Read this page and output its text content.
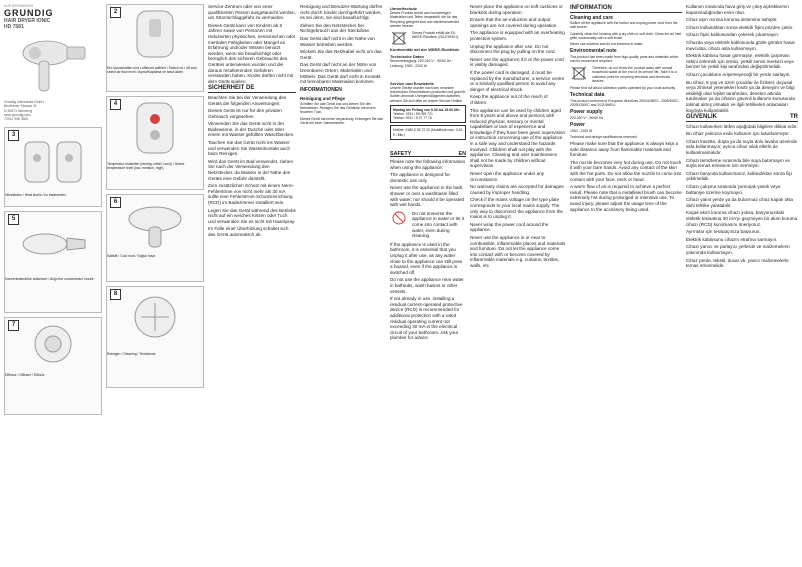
AUS ERFAHRUNG
GRUNDIG
HAIR DRYER IONIC
HD 7581
Grundig Intermedia GmbH
Beuthener Strasse 41
D-90471 Nürnberg
www.grundig.com
72011 908 3500
3
Hitzestufen / Heat levels / Isı kademeleri
5
Konzentratordüse aufsetzen / Align the concentrator nozzle
7
Diffusor / Diffuser / Difüzör
2
Ein-/Ausschalten und Luftstrom wählen / Switch on / off and select air flow level / Açma/Kapatma ve hava akımı
4
Temperatur einstellen (niedrig, mittel, hoch) / Select temperature level (low, medium, high)
6
Kaltluft / Cool shot / Soğuk hava
8
Reinigen / Cleaning / Temizleme

Service-Zentrum oder von einer qualifizierten Person ausgetauscht werden, um Stromschlaggefahr zu vermeiden.

Dieses Gerät kann von Kindern ab 8 Jahren sowie von Personen mit reduzierten physischen, sensorischen oder mentalen Fähigkeiten oder Mangel an Erfahrung und/oder Wissen benutzt werden, wenn sie beaufsichtigt oder bezüglich des sicheren Gebrauchs des Gerätes unterwiesen wurden und die daraus resultierenden Gefahren verstanden haben. Kinder dürfen nicht mit dem Gerät spielen.

SICHERHEIT DE

Beachten Sie bei der Verwendung des Geräts die folgenden Anweisungen:

Dieses Gerät ist nur für den privaten Gebrauch vorgesehen.

Verwenden Sie das Gerät nicht in der Badewanne, in der Dusche oder über einem mit Wasser gefüllten Waschbecken.

Tauchen Sie das Gerät nicht ins Wasser und verwenden Sie Wasserkontakt auch beim Reinigen.

Wird das Gerät im Bad verwendet, ziehen Sie nach der Verwendung den Netzstecker, da Wasser in der Nähe des Geräts eine Gefahr darstellt.

Zum zusätzlichen Schutz mit einem Nenn-Fehlerstrom von nicht mehr als 30 mA sollte eine Fehlerstrom-Schutzeinrichtung (RCD) im Badezimmer installiert sein.

Legen Sie das Gerät während des Betriebs nicht auf ein weiches Kissen oder Tuch und verwenden Sie es nicht mit Haarspray.

Im Falle einer Überhitzung schaltet sich das Gerät automatisch ab.

Reinigung und Benutzer-Wartung dürfen nicht durch Kinder durchgeführt werden, es sei denn, sie sind beaufsichtigt.

Ziehen Sie den Netzstecker bei Nichtgebrauch aus der Steckdose.

Das Gerät darf nicht in der Nähe von Wasser betrieben werden.

Wickeln Sie das Netzkabel nicht um das Gerät.

Das Gerät darf nicht an der Nähe von brennbaren Ortern, Materialien und Möbeln. Das Gerät darf nicht in Kontakt mit brennbaren Materialien kommen.

INFORMATIONEN
Reinigung und Pflege

Schalten Sie das Gerät aus und ziehen Sie den Netzstecker. Reinigen Sie das Gehäuse mit einem feuchten Tuch.

Dieses Gerät hat keine Verpackung. Entsorgen Sie das Gerät bei einer Sammelstelle.

Umweltschutz

Dieses Produkt wurde aus hochwertigen Materialien und Teilen hergestellt, die für das Recycling geeignet sind und wiederverwendet werden können.

Dieses Produkt erfüllt die EU WEEE-Richtlinie (2012/19/EU).
Konformität mit der WEEE-Richtlinie
Technische Daten

Stromversorgung: 220-240 V~, 50/60 Hz · Leistung: 1900 - 2200 W

Service und Ersatzteile

Unsere Geräte wurden nach den neuesten technischen Erkenntnissen produziert und geprüft. Sollten dennoch Unregelmäßigkeiten auftreten, wenden Sie sich bitte an unsere Service-Hotline.

Montag bis Freitag von 8.00 bis 18.00 Uhr
Telefon: 0911 / 59 059 721
Telefax: 0911 / 5 37 77 76
Hotline: 0180 5 35 72 20 (Mobilfunk max. 0,42 € / Min.)
SAFETY	EN

Please note the following information when using the appliance:

The appliance is designed for domestic use only.

Never use the appliance in the bath, shower or over a washbasin filled with water; nor should it be operated with wet hands.

Do not immerse the appliance in water or let it come into contact with water, even during cleaning.

If the appliance is used in the bathroom, it is essential that you unplug it after use, as any water close to the appliance can still pose a hazard, even if the appliance is switched off.

Do not use the appliance near water in bathtubs, wash basins or other vessels.

If not already in use, installing a residual current-operated protective device (RCD) is recommended for additional protection with a rated residual operating current not exceeding 30 mA in the electrical circuit of your bathroom. Ask your plumber for advice.

Never place the appliance on soft cushions or blankets during operation.

Ensure that the air-induction and output openings are not covered during operation.

The appliance is equipped with an overheating protection system.

Unplug the appliance after use. Do not disconnect the plug by pulling on the cord.

Never use the appliance if it or the power cord is visibly damaged.

If the power cord is damaged, it must be replaced by the manufacturer, a service centre or a similarly qualified person to avoid any danger of electrical shock.

Keep the appliance out of the reach of children.

This appliance can be used by children aged from 8 years and above and persons with reduced physical, sensory or mental capabilities or lack of experience and knowledge if they have been given supervision or instruction concerning use of the appliance in a safe way and understand the hazards involved. Children shall not play with the appliance. Cleaning and user maintenance shall not be made by children without supervision.

Never open the appliance under any circumstance.

No warranty claims are accepted for damages caused by improper handling.

Check if the mains voltage on the type plate corresponds to your local mains supply. The only way to disconnect the appliance from the mains is to unplug it.

Never wrap the power cord around the appliance.

Never use the appliance in or near to combustible, inflammable places and materials and furniture. Do not let the appliance come into contact with or become covered by inflammable materials e.g. curtains, textiles, walls, etc.

INFORMATION
Cleaning and care

Switch off the appliance with the button and unplug power cord from the wall socket.

Carefully clean the housing with a dry cloth or soft cloth. Clean the air inlet grille occasionally with a soft brush.

Never use solvents and do not immerse in water.

Environmental note

This product has been made from high-quality parts and materials which can be reused and recycled.

Therefore, do not throw the product away with normal household waste at the end of its service life. Take it to a collection point for recycling electrical and electronic devices.

Please find out about collection points operated by your local authority.

Technical data

This product conforms to European directives 2004/108/EC, 2006/95/EC, 2009/125/EC and 2011/65/EU.

Power supply

220-240 V~, 50/60 Hz

Power

1900 - 2200 W

Technical and design modifications reserved.

Please make sure that the appliance is always kept a safe distance away from flammable materials and furniture.

The nozzle becomes very hot during use. Do not touch it with your bare hands. Avoid any contact of the skin with the hot parts. Do not allow the nozzle to come into contact with your face, neck or head.

A warm flow of air is required to achieve a perfect result. Please note that a metallised brush can become extremely hot during prolonged or intensive use. To avoid injury, please adjust the usage time of the appliance to the accessory being used.

Kullanım sırasında hava giriş ve çıkış açıklıklarının kapanmadığından emin olun.

Cihaz aşırı ısınma koruma sistemine sahiptir.

Cihazı kullandıktan sonra elektrik fişini prizden çekin.

Cihazı fişini kablosundan çekerek çıkarmayın.

Cihazda veya elektrik kablosunda gözle görülür hasar mevcutsa, cihazı asla kullanmayın.

Elektrik kablosu hasar görmüşse, elektrik çarpması riskini önlemek için üretici, yetkili servis merkezi veya benzer bir yetkili kişi tarafından değiştirilmelidir.

Cihazı çocukların erişemeyeceği bir yerde saklayın.

Bu cihaz, 8 yaş ve üzeri çocuklar ile fiziksel, duyusal veya zihinsel yetenekleri kısıtlı ya da deneyim ve bilgi eksikliği olan kişiler tarafından, denetim altında tutulmaları ya da cihazın güvenli kullanımı konusunda talimat almış olmaları ve ilgili tehlikeleri anlamaları kaydıyla kullanılabilir.

GÜVENLİK	TR

Cihazı kullanırken lütfen aşağıdaki bilgilere dikkat edin:

Bu cihaz yalnızca evde kullanım için tasarlanmıştır.

Cihazı küvette, duşta ya da suyla dolu lavabo üzerinde asla kullanmayın; ayrıca cihaz ıslak ellerle de kullanılmamalıdır.

Cihazı temizleme sırasında bile suya batırmayın ve suyla temas etmesine izin vermeyin.

Cihazı banyoda kullanırsanız, kullandıktan sonra fişi çekilmelidir.

Cihazı çalışma sırasında yumuşak yastık veya battaniye üzerine koymayın.

Cihazı yakın yerde ya da bulunmaz cihaz kapalı olsa dahi tehlike yaratabilir.

Kaçak akım koruma cihazı yoksa, banyonuzdaki elektrik tesisatına 30 mA'yı geçmeyen bir akım koruma cihazı (RCD) kurulmasını öneriyoruz.

Ayrıntılar için tesisatçınıza başvurun.

Elektrik kablosunu cihazın etrafına sarmayın.

Cihazı yanıcı ve parlayıcı yerlerde ve malzemelerin yakınında kullanmayın.

Cihaz perde, tekstil, duvar vb. yanıcı malzemelerle temas etmemelidir.
